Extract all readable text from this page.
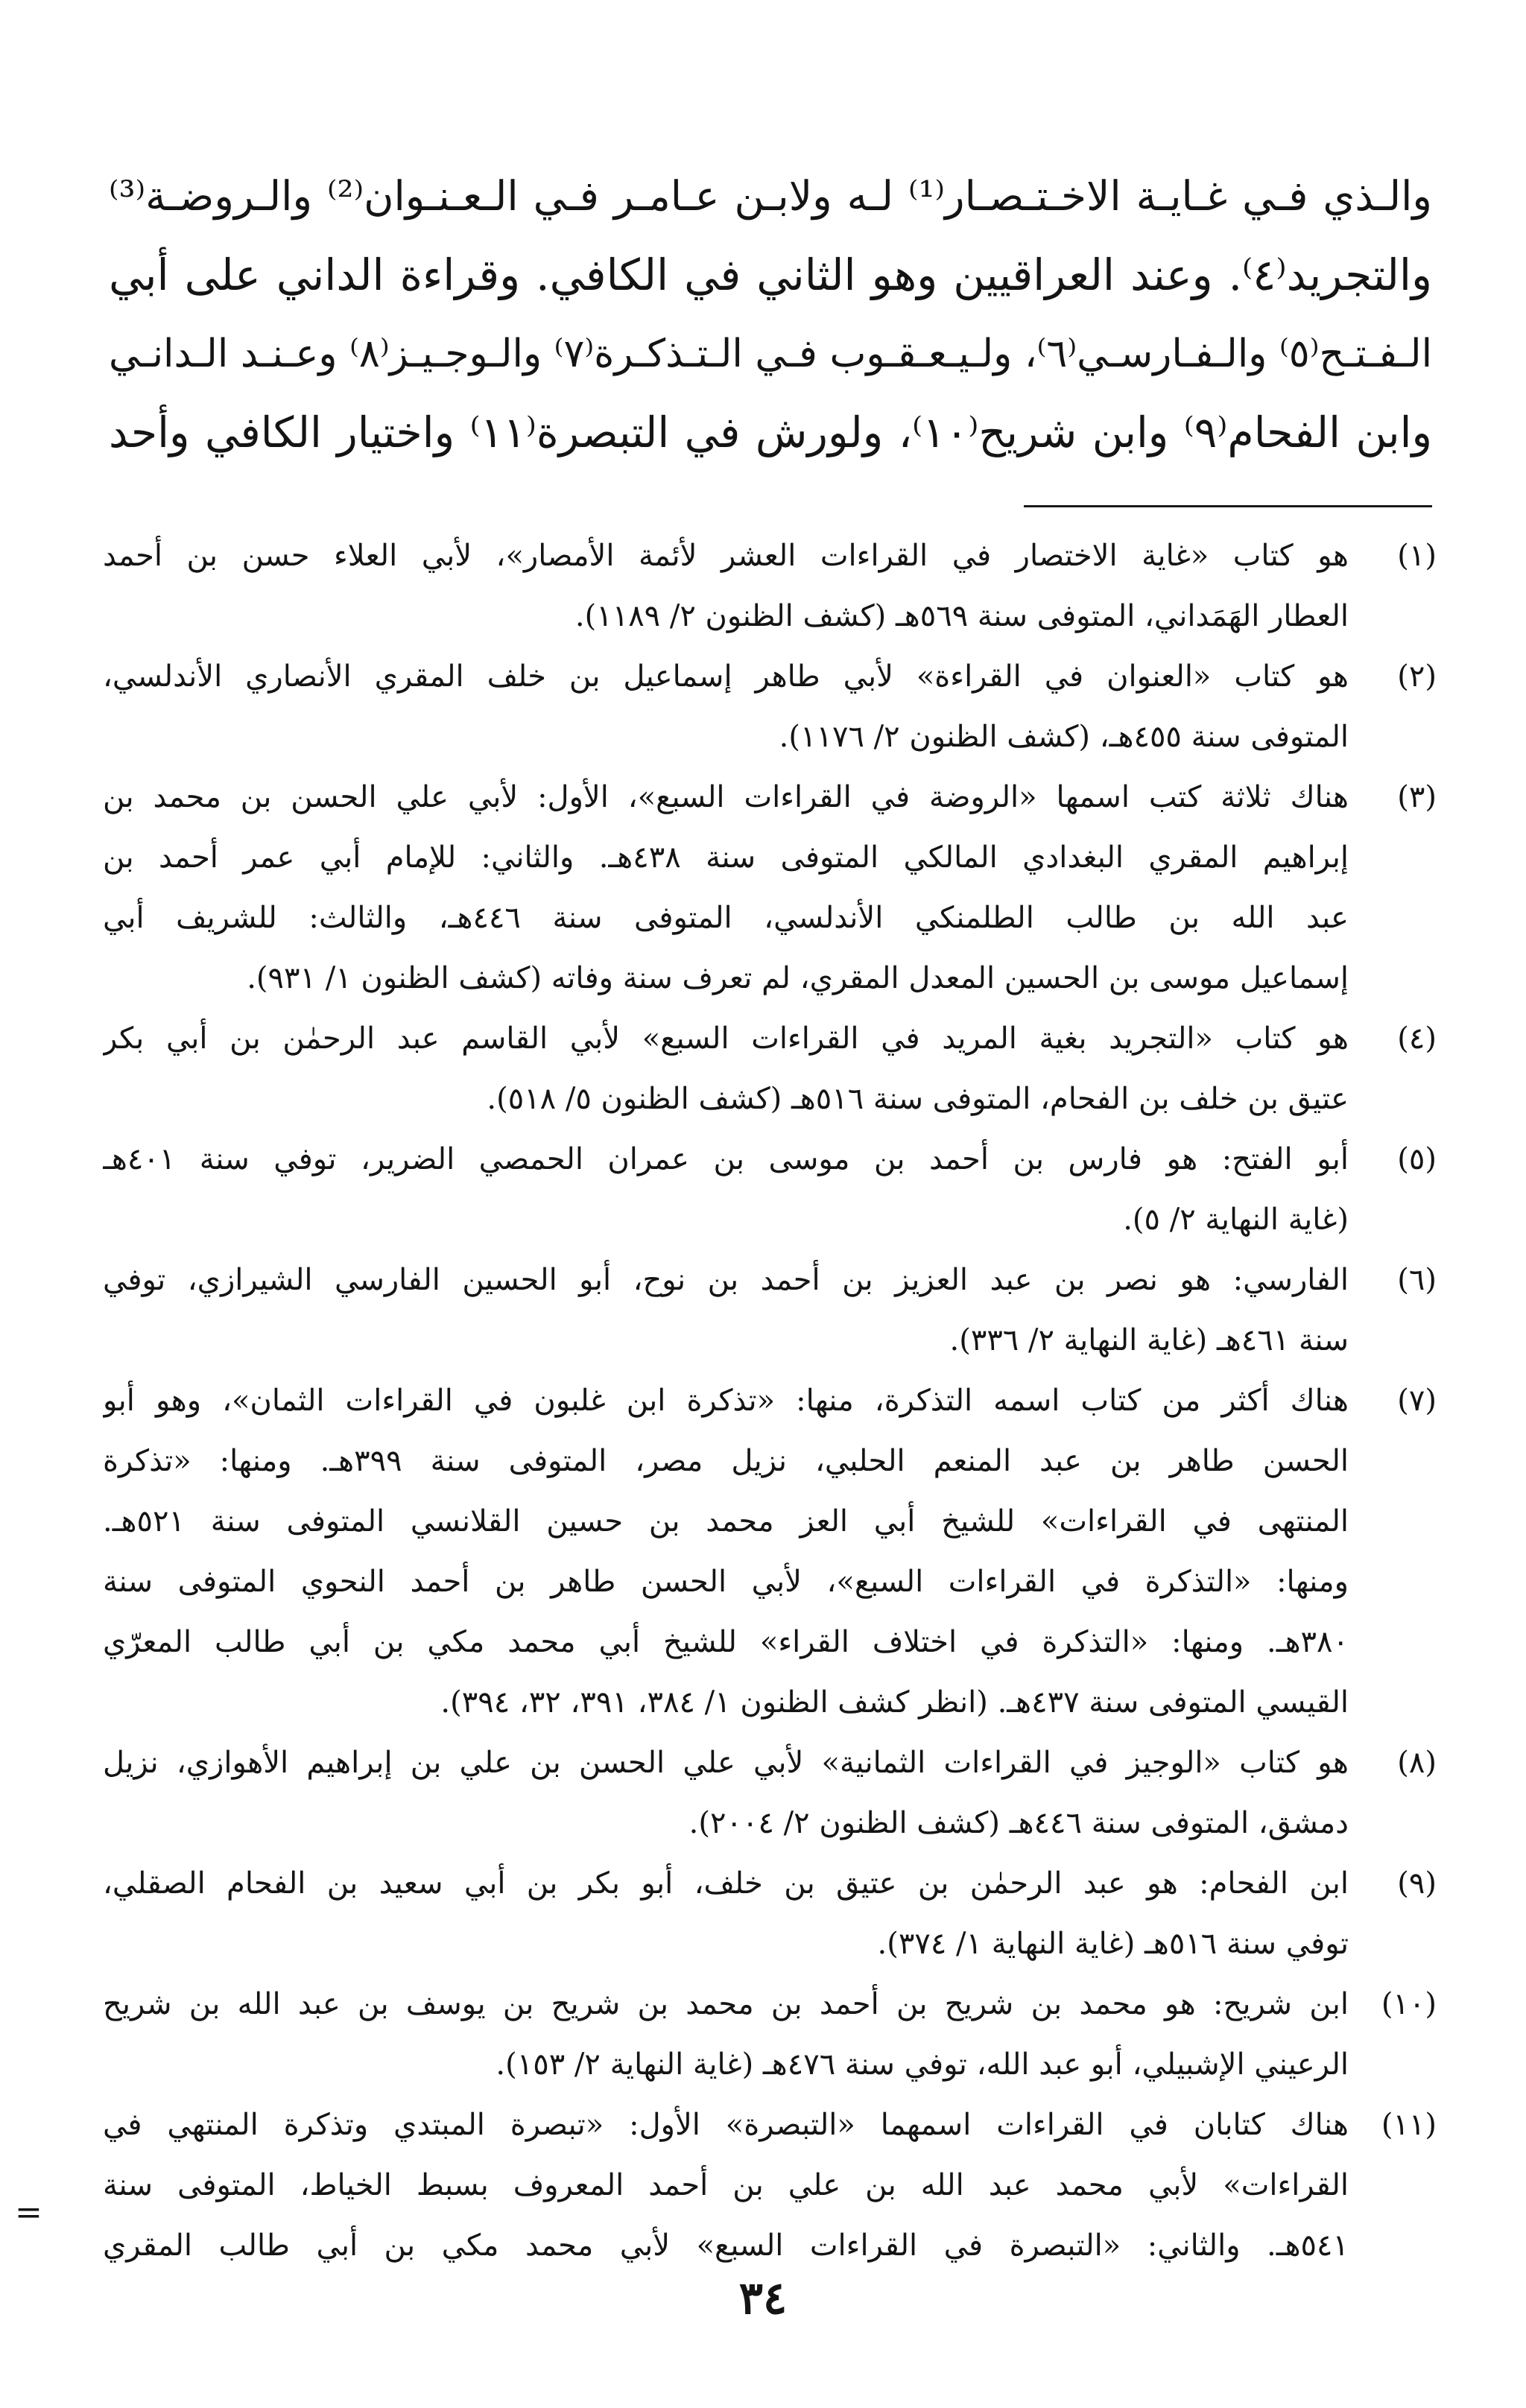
والـذي فـي غـايـة الاخـتـصـار⁽¹⁾ لـه ولابـن عـامـر فـي الـعـنـوان⁽²⁾ والـروضـة⁽³⁾
والتجريد⁽٤⁾. وعند العراقيين وهو الثاني في الكافي. وقراءة الداني على أبي
الـفـتـح⁽٥⁾ والـفـارسـي⁽٦⁾، ولـيـعـقـوب فـي الـتـذكـرة⁽٧⁾ والـوجـيـز⁽٨⁾ وعـنـد الـدانـي
وابن الفحام⁽٩⁾ وابن شريح⁽١٠⁾، ولورش في التبصرة⁽١١⁾ واختيار الكافي وأحد
(١)
هو كتاب «غاية الاختصار في القراءات العشر لأئمة الأمصار»، لأبي العلاء حسن بن أحمد
العطار الهَمَداني، المتوفى سنة ٥٦٩هـ (كشف الظنون ٢/ ١١٨٩).
(٢)
هو كتاب «العنوان في القراءة» لأبي طاهر إسماعيل بن خلف المقري الأنصاري الأندلسي،
المتوفى سنة ٤٥٥هـ، (كشف الظنون ٢/ ١١٧٦).
(٣)
هناك ثلاثة كتب اسمها «الروضة في القراءات السبع»، الأول: لأبي علي الحسن بن محمد بن
إبراهيم المقري البغدادي المالكي المتوفى سنة ٤٣٨هـ. والثاني: للإمام أبي عمر أحمد بن
عبد الله بن طالب الطلمنكي الأندلسي، المتوفى سنة ٤٤٦هـ، والثالث: للشريف أبي
إسماعيل موسى بن الحسين المعدل المقري، لم تعرف سنة وفاته (كشف الظنون ١/ ٩٣١).
(٤)
هو كتاب «التجريد بغية المريد في القراءات السبع» لأبي القاسم عبد الرحمٰن بن أبي بكر
عتيق بن خلف بن الفحام، المتوفى سنة ٥١٦هـ (كشف الظنون ٥/ ٥١٨).
(٥)
أبو الفتح: هو فارس بن أحمد بن موسى بن عمران الحمصي الضرير، توفي سنة ٤٠١هـ
(غاية النهاية ٢/ ٥).
(٦)
الفارسي: هو نصر بن عبد العزيز بن أحمد بن نوح، أبو الحسين الفارسي الشيرازي، توفي
سنة ٤٦١هـ (غاية النهاية ٢/ ٣٣٦).
(٧)
هناك أكثر من كتاب اسمه التذكرة، منها: «تذكرة ابن غلبون في القراءات الثمان»، وهو أبو
الحسن طاهر بن عبد المنعم الحلبي، نزيل مصر، المتوفى سنة ٣٩٩هـ. ومنها: «تذكرة
المنتهى في القراءات» للشيخ أبي العز محمد بن حسين القلانسي المتوفى سنة ٥٢١هـ.
ومنها: «التذكرة في القراءات السبع»، لأبي الحسن طاهر بن أحمد النحوي المتوفى سنة
٣٨٠هـ. ومنها: «التذكرة في اختلاف القراء» للشيخ أبي محمد مكي بن أبي طالب المعرّي
القيسي المتوفى سنة ٤٣٧هـ. (انظر كشف الظنون ١/ ٣٨٤، ٣٩١، ٣٢، ٣٩٤).
(٨)
هو كتاب «الوجيز في القراءات الثمانية» لأبي علي الحسن بن علي بن إبراهيم الأهوازي، نزيل
دمشق، المتوفى سنة ٤٤٦هـ (كشف الظنون ٢/ ٢٠٠٤).
(٩)
ابن الفحام: هو عبد الرحمٰن بن عتيق بن خلف، أبو بكر بن أبي سعيد بن الفحام الصقلي،
توفي سنة ٥١٦هـ (غاية النهاية ١/ ٣٧٤).
(١٠)
ابن شريح: هو محمد بن شريح بن أحمد بن محمد بن شريح بن يوسف بن عبد الله بن شريح
الرعيني الإشبيلي، أبو عبد الله، توفي سنة ٤٧٦هـ (غاية النهاية ٢/ ١٥٣).
(١١)
هناك كتابان في القراءات اسمهما «التبصرة» الأول: «تبصرة المبتدي وتذكرة المنتهي في
القراءات» لأبي محمد عبد الله بن علي بن أحمد المعروف بسبط الخياط، المتوفى سنة
٥٤١هـ. والثاني: «التبصرة في القراءات السبع» لأبي محمد مكي بن أبي طالب المقري
=
٣٤
